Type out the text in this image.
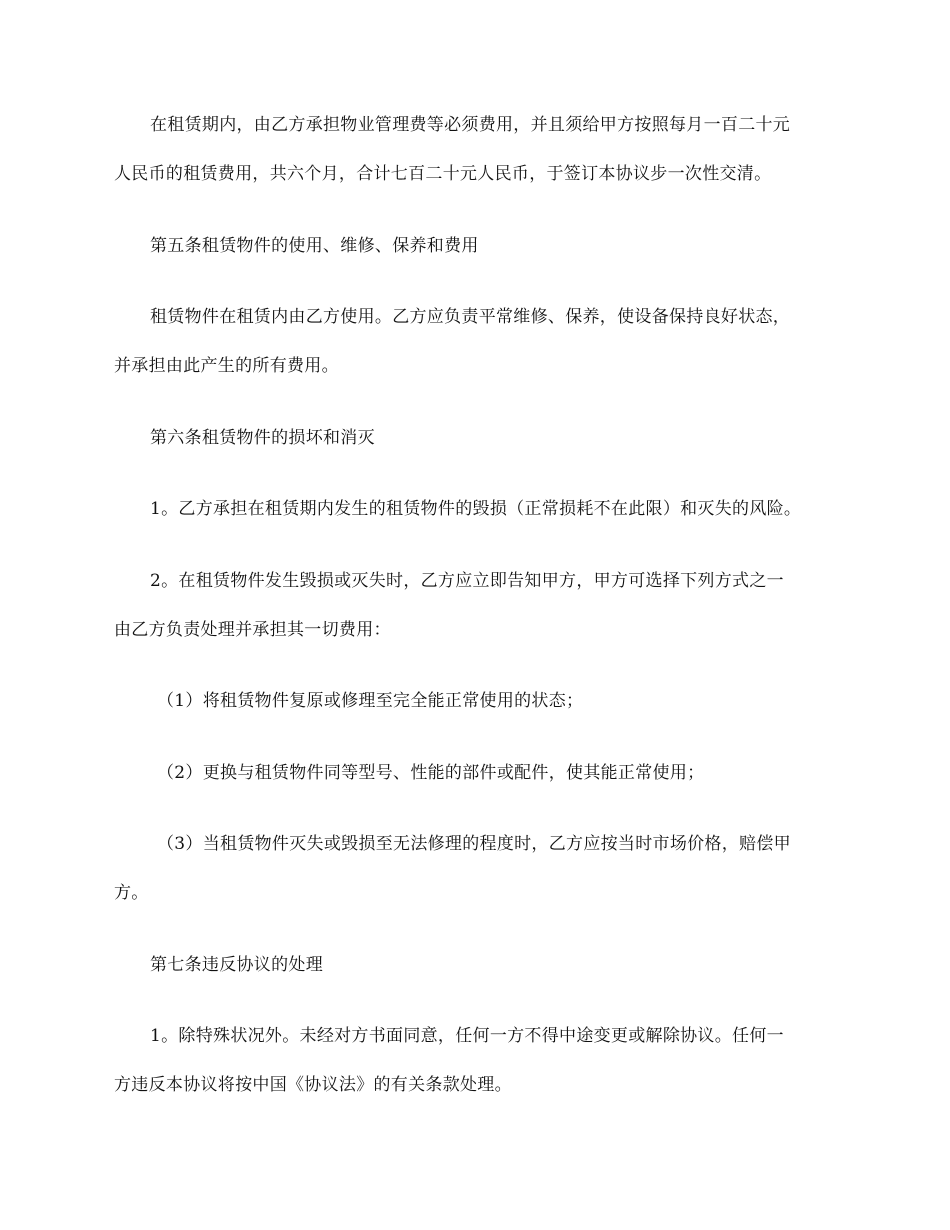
在租赁期内，由乙方承担物业管理费等必须费用，并且须给甲方按照每月一百二十元
人民币的租赁费用，共六个月，合计七百二十元人民币，于签订本协议步一次性交清。
第五条租赁物件的使用、维修、保养和费用
租赁物件在租赁内由乙方使用。乙方应负责平常维修、保养，使设备保持良好状态，
并承担由此产生的所有费用。
第六条租赁物件的损坏和消灭
1。乙方承担在租赁期内发生的租赁物件的毁损（正常损耗不在此限）和灭失的风险。
2。在租赁物件发生毁损或灭失时，乙方应立即告知甲方，甲方可选择下列方式之一
由乙方负责处理并承担其一切费用：
（1）将租赁物件复原或修理至完全能正常使用的状态；
（2）更换与租赁物件同等型号、性能的部件或配件，使其能正常使用；
（3）当租赁物件灭失或毁损至无法修理的程度时，乙方应按当时市场价格，赔偿甲
方。
第七条违反协议的处理
1。除特殊状况外。未经对方书面同意，任何一方不得中途变更或解除协议。任何一
方违反本协议将按中国《协议法》的有关条款处理。
